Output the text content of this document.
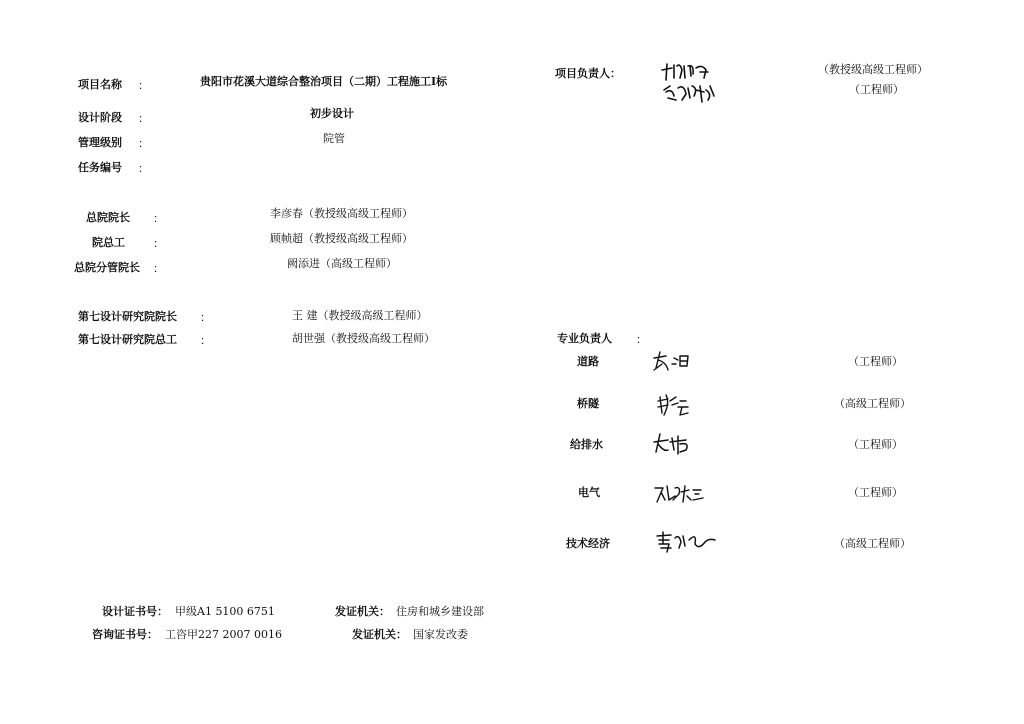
项目名称 ：	贵阳市花溪大道综合整治项目（二期）工程施工Ⅰ标
设计阶段 ：	初步设计
管理级别 ：	院管
任务编号 ：
总院院长 ：	李彦春（教授级高级工程师）
院总工	：	顾帧超（教授级高级工程师）
总院分管院长 ：	阙添进（高级工程师）
第七设计研究院院长 ：	王 建（教授级高级工程师）
第七设计研究院总工 ：	胡世强（教授级高级工程师）
项目负责人：	（教授级高级工程师）
（工程师）
专业负责人 ：
道路	（工程师）
桥隧	（高级工程师）
给排水	（工程师）
电气	（工程师）
技术经济	（高级工程师）
设计证书号： 甲级A1 5100 6751	发证机关： 住房和城乡建设部
咨询证书号： 工咨甲227 2007 0016	发证机关： 国家发改委
